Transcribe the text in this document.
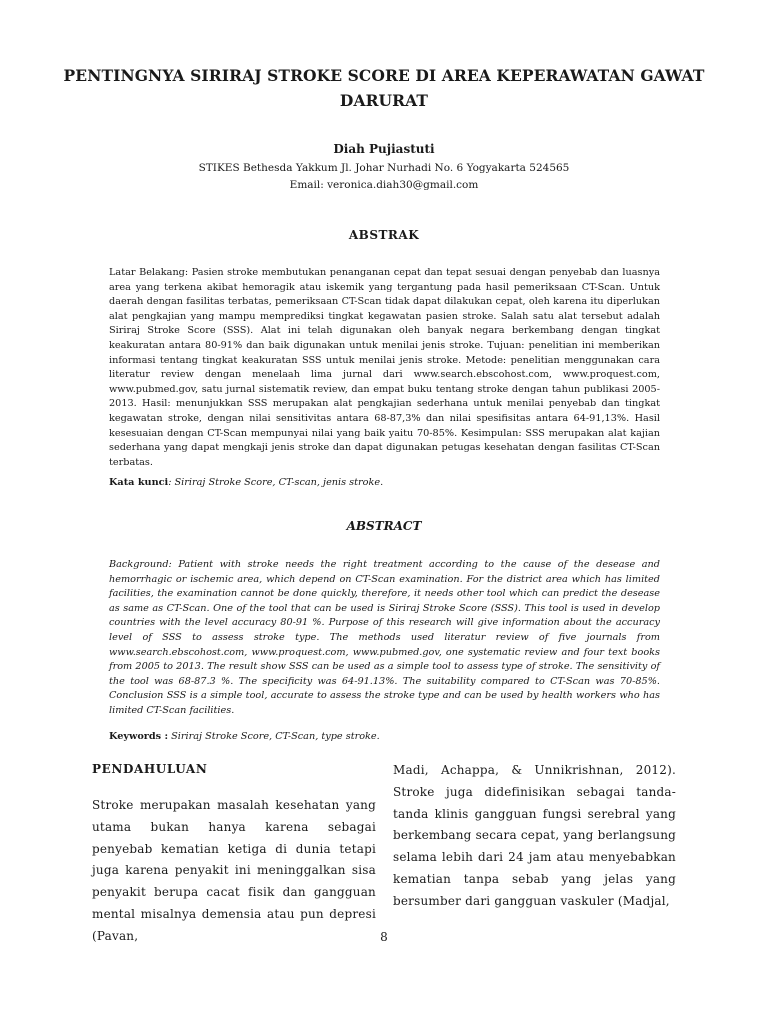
PENTINGNYA SIRIRAJ STROKE SCORE DI AREA KEPERAWATAN GAWAT DARURAT
Diah Pujiastuti
STIKES Bethesda Yakkum Jl. Johar Nurhadi No. 6 Yogyakarta 524565
Email: veronica.diah30@gmail.com
ABSTRAK
Latar Belakang: Pasien stroke membutukan penanganan cepat dan tepat sesuai dengan penyebab dan luasnya area yang terkena akibat hemoragik atau iskemik yang tergantung pada hasil pemeriksaan CT-Scan. Untuk daerah dengan fasilitas terbatas, pemeriksaan CT-Scan tidak dapat dilakukan cepat, oleh karena itu diperlukan alat pengkajian yang mampu memprediksi tingkat kegawatan pasien stroke. Salah satu alat tersebut adalah Siriraj Stroke Score (SSS). Alat ini telah digunakan oleh banyak negara berkembang dengan tingkat keakuratan antara 80-91% dan baik digunakan untuk menilai jenis stroke. Tujuan: penelitian ini memberikan informasi tentang tingkat keakuratan SSS untuk menilai jenis stroke. Metode: penelitian menggunakan cara literatur review dengan menelaah lima jurnal dari www.search.ebscohost.com, www.proquest.com, www.pubmed.gov, satu jurnal sistematik review, dan empat buku tentang stroke dengan tahun publikasi 2005-2013. Hasil: menunjukkan SSS merupakan alat pengkajian sederhana untuk menilai penyebab dan tingkat kegawatan stroke, dengan nilai sensitivitas antara 68-87,3% dan nilai spesifisitas antara 64-91,13%. Hasil kesesuaian dengan CT-Scan mempunyai nilai yang baik yaitu 70-85%. Kesimpulan: SSS merupakan alat kajian sederhana yang dapat mengkaji jenis stroke dan dapat digunakan petugas kesehatan dengan fasilitas CT-Scan terbatas.
Kata kunci: Siriraj Stroke Score, CT-scan, jenis stroke.
ABSTRACT
Background: Patient with stroke needs the right treatment according to the cause of the desease and hemorrhagic or ischemic area, which depend on CT-Scan examination. For the district area which has limited facilities, the examination cannot be done quickly, therefore, it needs other tool which can predict the desease as same as CT-Scan. One of the tool that can be used is Siriraj Stroke Score (SSS). This tool is used in develop countries with the level accuracy 80-91 %. Purpose of this research will give information about the accuracy level of SSS to assess stroke type. The methods used literatur review of five journals from www.search.ebscohost.com, www.proquest.com, www.pubmed.gov, one systematic review and four text books from 2005 to 2013. The result show SSS can be used as a simple tool to assess type of stroke. The sensitivity of the tool was 68-87.3 %. The specificity was 64-91.13%. The suitability compared to CT-Scan was 70-85%. Conclusion SSS is a simple tool, accurate to assess the stroke type and can be used by health workers who has limited CT-Scan facilities.
Keywords : Siriraj Stroke Score, CT-Scan, type stroke.
PENDAHULUAN
Stroke merupakan masalah kesehatan yang utama bukan hanya karena sebagai penyebab kematian ketiga di dunia tetapi juga karena penyakit ini meninggalkan sisa penyakit berupa cacat fisik dan gangguan mental misalnya demensia atau pun depresi (Pavan,
Madi, Achappa, & Unnikrishnan, 2012). Stroke juga didefinisikan sebagai tanda-tanda klinis gangguan fungsi serebral yang berkembang secara cepat, yang berlangsung selama lebih dari 24 jam atau menyebabkan kematian tanpa sebab yang jelas yang bersumber dari gangguan vaskuler (Madjal,
8
